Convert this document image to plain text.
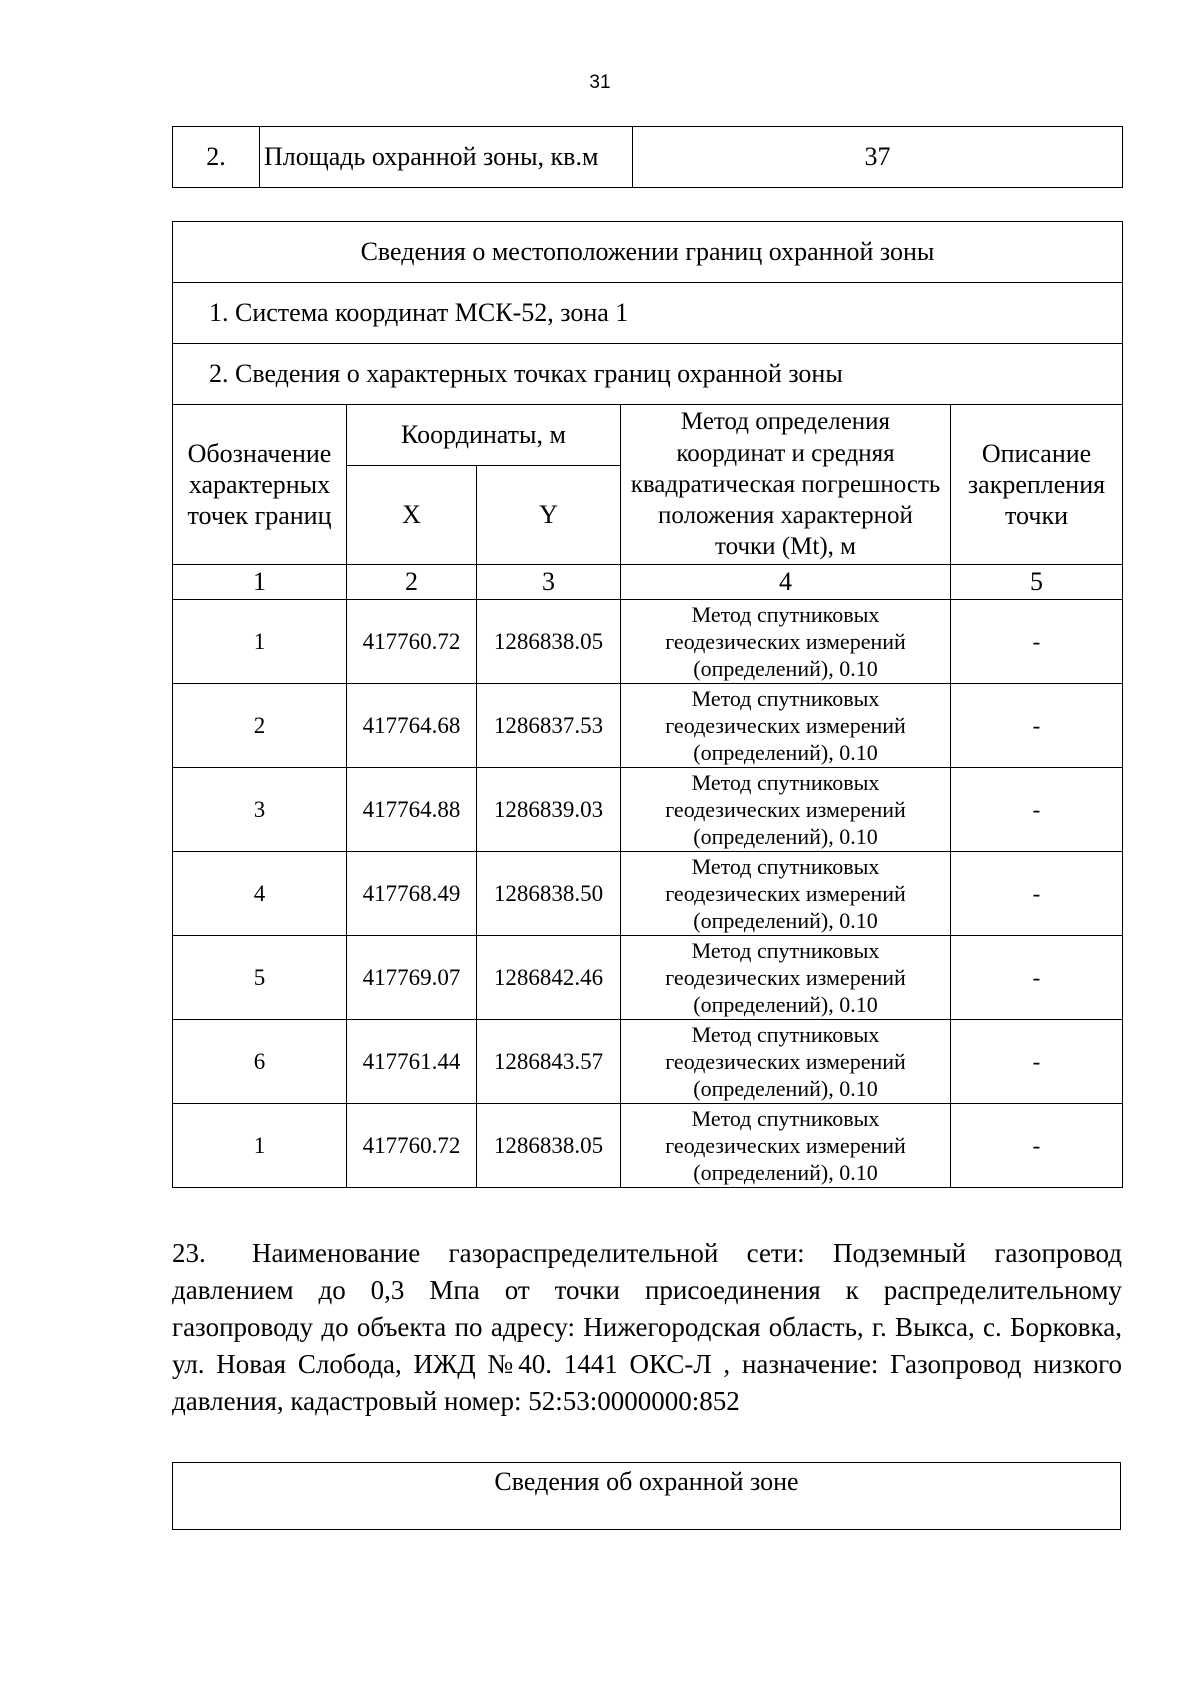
31
2.	Площадь охранной зоны, кв.м	37
Сведения о местоположении границ охранной зоны				
1. Система координат МСК-52, зона 1				
2. Сведения о характерных точках границ охранной зоны				
Обозначение характерных точек границ	Координаты, м		Метод определения координат и средняя квадратическая погрешность положения характерной точки (Mt), м	Описание закрепления точки
	X	Y		
1	2	3	4	5
1	417760.72	1286838.05	Метод спутниковых геодезических измерений (определений), 0.10	-
2	417764.68	1286837.53	Метод спутниковых геодезических измерений (определений), 0.10	-
3	417764.88	1286839.03	Метод спутниковых геодезических измерений (определений), 0.10	-
4	417768.49	1286838.50	Метод спутниковых геодезических измерений (определений), 0.10	-
5	417769.07	1286842.46	Метод спутниковых геодезических измерений (определений), 0.10	-
6	417761.44	1286843.57	Метод спутниковых геодезических измерений (определений), 0.10	-
1	417760.72	1286838.05	Метод спутниковых геодезических измерений (определений), 0.10	-
23. Наименование газораспределительной сети: Подземный газопровод давлением до 0,3 Мпа от точки присоединения к распределительному газопроводу до объекта по адресу: Нижегородская область, г. Выкса, с. Борковка, ул. Новая Слобода, ИЖД №40. 1441 ОКС-Л , назначение: Газопровод низкого давления, кадастровый номер: 52:53:0000000:852
Сведения об охранной зоне
